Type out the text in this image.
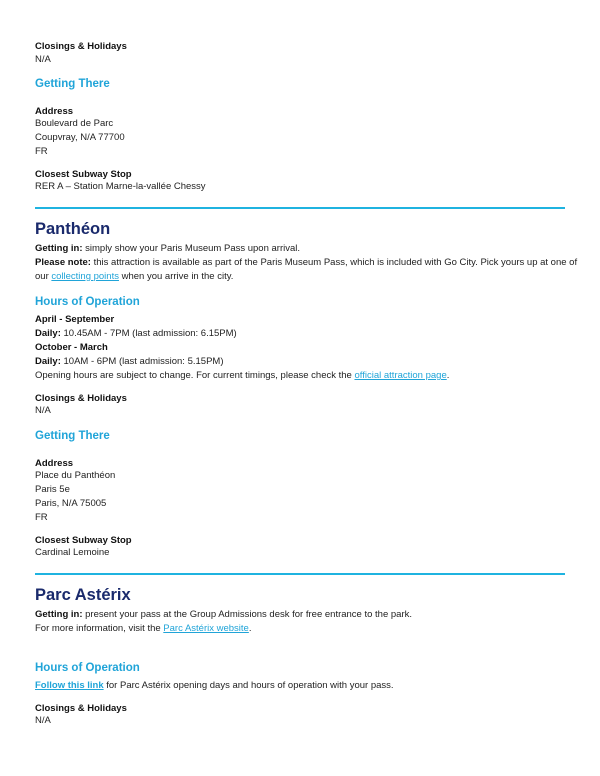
Closings & Holidays
N/A
Getting There
Address
Boulevard de Parc
Coupvray, N/A 77700
FR
Closest Subway Stop
RER A – Station Marne-la-vallée Chessy
Panthéon
Getting in: simply show your Paris Museum Pass upon arrival.
Please note: this attraction is available as part of the Paris Museum Pass, which is included with Go City. Pick yours up at one of
our collecting points when you arrive in the city.
Hours of Operation
April - September
Daily: 10.45AM - 7PM (last admission: 6.15PM)
October - March
Daily: 10AM - 6PM (last admission: 5.15PM)
Opening hours are subject to change. For current timings, please check the official attraction page.
Closings & Holidays
N/A
Getting There
Address
Place du Panthéon
Paris 5e
Paris, N/A 75005
FR
Closest Subway Stop
Cardinal Lemoine
Parc Astérix
Getting in: present your pass at the Group Admissions desk for free entrance to the park.
For more information, visit the Parc Astérix website.
Hours of Operation
Follow this link for Parc Astérix opening days and hours of operation with your pass.
Closings & Holidays
N/A
